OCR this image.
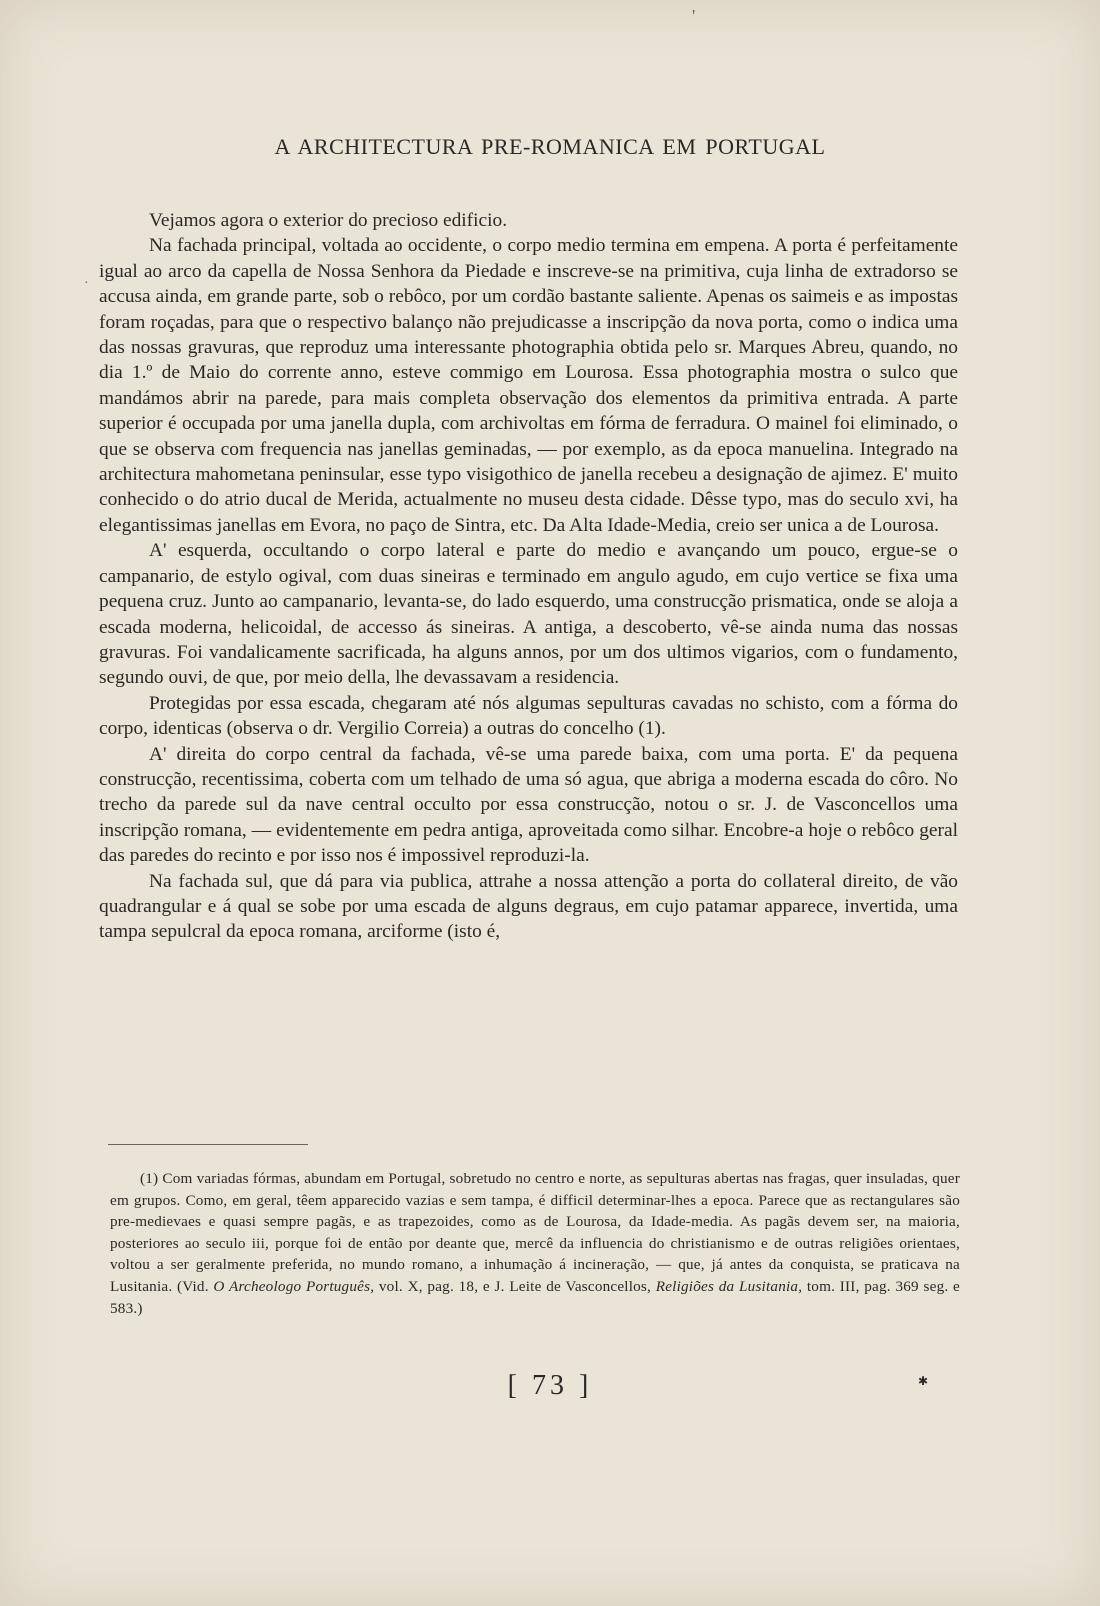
'
·
A ARCHITECTURA PRE-ROMANICA EM PORTUGAL

Vejamos agora o exterior do precioso edificio.

Na fachada principal, voltada ao occidente, o corpo medio termina em empena. A porta é perfeitamente igual ao arco da capella de Nossa Senhora da Piedade e inscreve-se na primitiva, cuja linha de extradorso se accusa ainda, em grande parte, sob o rebôco, por um cordão bastante saliente. Apenas os saimeis e as impostas foram roçadas, para que o respectivo balanço não prejudicasse a inscripção da nova porta, como o indica uma das nossas gravuras, que reproduz uma interessante photographia obtida pelo sr. Marques Abreu, quando, no dia 1.º de Maio do corrente anno, esteve commigo em Lourosa. Essa photographia mostra o sulco que mandámos abrir na parede, para mais completa observação dos elementos da primitiva entrada. A parte superior é occupada por uma janella dupla, com archivoltas em fórma de ferradura. O mainel foi eliminado, o que se observa com frequencia nas janellas geminadas, — por exemplo, as da epoca manuelina. Integrado na architectura mahometana peninsular, esse typo visigothico de janella recebeu a designação de ajimez. E' muito conhecido o do atrio ducal de Merida, actualmente no museu desta cidade. Dêsse typo, mas do seculo xvi, ha elegantissimas janellas em Evora, no paço de Sintra, etc. Da Alta Idade-Media, creio ser unica a de Lourosa.

A' esquerda, occultando o corpo lateral e parte do medio e avançando um pouco, ergue-se o campanario, de estylo ogival, com duas sineiras e terminado em angulo agudo, em cujo vertice se fixa uma pequena cruz. Junto ao campanario, levanta-se, do lado esquerdo, uma construcção prismatica, onde se aloja a escada moderna, helicoidal, de accesso ás sineiras. A antiga, a descoberto, vê-se ainda numa das nossas gravuras. Foi vandalicamente sacrificada, ha alguns annos, por um dos ultimos vigarios, com o fundamento, segundo ouvi, de que, por meio della, lhe devassavam a residencia.

Protegidas por essa escada, chegaram até nós algumas sepulturas cavadas no schisto, com a fórma do corpo, identicas (observa o dr. Vergilio Correia) a outras do concelho (1).

A' direita do corpo central da fachada, vê-se uma parede baixa, com uma porta. E' da pequena construcção, recentissima, coberta com um telhado de uma só agua, que abriga a moderna escada do côro. No trecho da parede sul da nave central occulto por essa construcção, notou o sr. J. de Vasconcellos uma inscripção romana, — evidentemente em pedra antiga, aproveitada como silhar. Encobre-a hoje o rebôco geral das paredes do recinto e por isso nos é impossivel reproduzi-la.

Na fachada sul, que dá para via publica, attrahe a nossa attenção a porta do collateral direito, de vão quadrangular e á qual se sobe por uma escada de alguns degraus, em cujo patamar apparece, invertida, uma tampa sepulcral da epoca romana, arciforme (isto é,

(1) Com variadas fórmas, abundam em Portugal, sobretudo no centro e norte, as sepulturas abertas nas fragas, quer insuladas, quer em grupos. Como, em geral, têem apparecido vazias e sem tampa, é difficil determinar-lhes a epoca. Parece que as rectangulares são pre-medievaes e quasi sempre pagãs, e as trapezoides, como as de Lourosa, da Idade-media. As pagãs devem ser, na maioria, posteriores ao seculo iii, porque foi de então por deante que, mercê da influencia do christianismo e de outras religiões orientaes, voltou a ser geralmente preferida, no mundo romano, a inhumação á incineração, — que, já antes da conquista, se praticava na Lusitania. (Vid. O Archeologo Português, vol. X, pag. 18, e J. Leite de Vasconcellos, Religiões da Lusitania, tom. III, pag. 369 seg. e 583.)
[ 73 ]	✱
